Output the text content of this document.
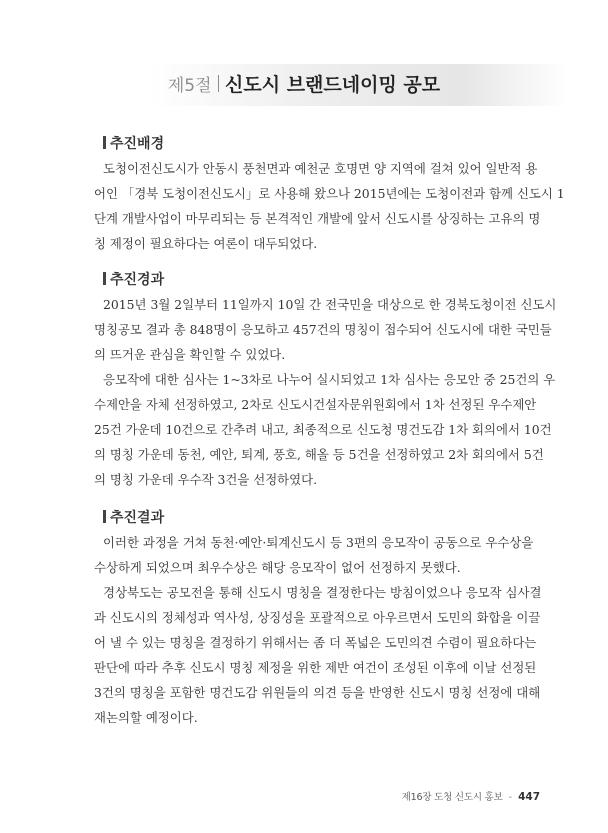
제5절 신도시 브랜드네이밍 공모
추진배경
도청이전신도시가 안동시 풍천면과 예천군 호명면 양 지역에 걸쳐 있어 일반적 용
어인 「경북 도청이전신도시」로 사용해 왔으나 2015년에는 도청이전과 함께 신도시 1
단계 개발사업이 마무리되는 등 본격적인 개발에 앞서 신도시를 상징하는 고유의 명
칭 제정이 필요하다는 여론이 대두되었다.
추진경과
2015년 3월 2일부터 11일까지 10일 간 전국민을 대상으로 한 경북도청이전 신도시
명칭공모 결과 총 848명이 응모하고 457건의 명칭이 접수되어 신도시에 대한 국민들
의 뜨거운 관심을 확인할 수 있었다.
응모작에 대한 심사는 1~3차로 나누어 실시되었고 1차 심사는 응모안 중 25건의 우
수제안을 자체 선정하였고, 2차로 신도시건설자문위원회에서 1차 선정된 우수제안
25건 가운데 10건으로 간추려 내고, 최종적으로 신도청 명건도감 1차 회의에서 10건
의 명칭 가운데 동천, 예안, 퇴계, 풍호, 해올 등 5건을 선정하였고 2차 회의에서 5건
의 명칭 가운데 우수작 3건을 선정하였다.
추진결과
이러한 과정을 거쳐 동천·예안·퇴계신도시 등 3편의 응모작이 공동으로 우수상을
수상하게 되었으며 최우수상은 해당 응모작이 없어 선정하지 못했다.
경상북도는 공모전을 통해 신도시 명칭을 결정한다는 방침이었으나 응모작 심사결
과 신도시의 정체성과 역사성, 상징성을 포괄적으로 아우르면서 도민의 화합을 이끌
어 낼 수 있는 명칭을 결정하기 위해서는 좀 더 폭넓은 도민의견 수렴이 필요하다는
판단에 따라 추후 신도시 명칭 제정을 위한 제반 여건이 조성된 이후에 이날 선정된
3건의 명칭을 포함한 명건도감 위원들의 의견 등을 반영한 신도시 명칭 선정에 대해
재논의할 예정이다.
제16장 도청 신도시 홍보 - 447
